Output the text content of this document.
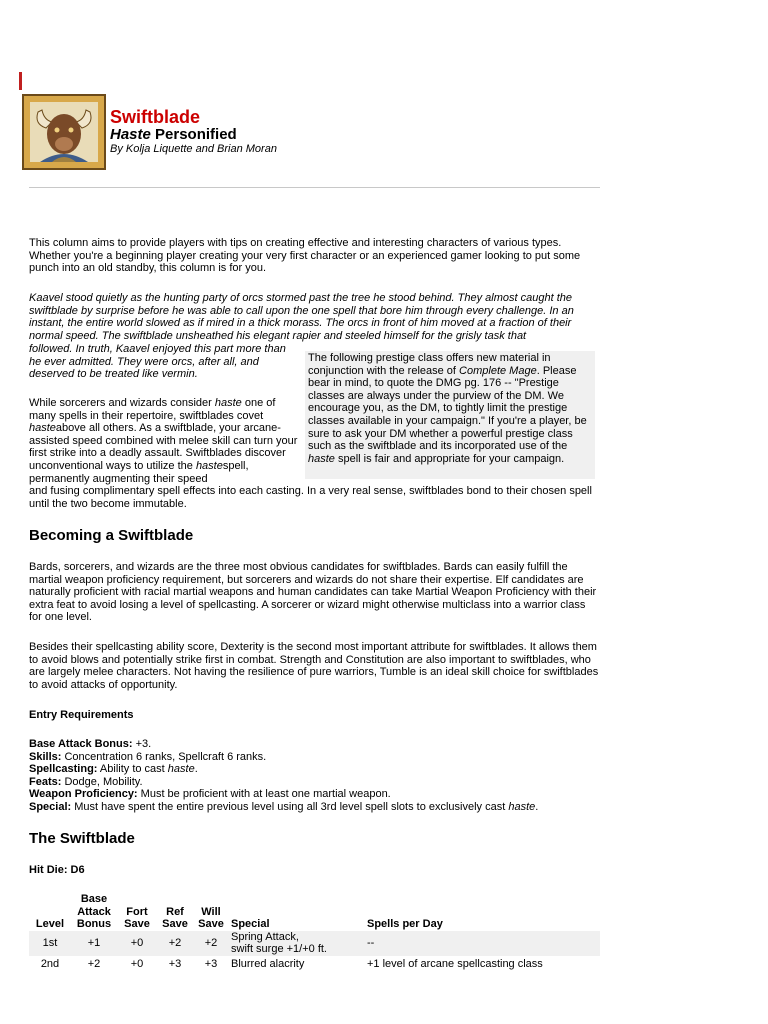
Swiftblade
Haste Personified
By Kolja Liquette and Brian Moran

This column aims to provide players with tips on creating effective and interesting characters of various types. Whether you're a beginning player creating your very first character or an experienced gamer looking to put some punch into an old standby, this column is for you.

Kaavel stood quietly as the hunting party of orcs stormed past the tree he stood behind. They almost caught the swiftblade by surprise before he was able to call upon the one spell that bore him through every challenge. In an instant, the entire world slowed as if mired in a thick morass. The orcs in front of him moved at a fraction of their normal speed. The swiftblade unsheathed his elegant rapier and steeled himself for the grisly task that

followed. In truth, Kaavel enjoyed this part more than he ever admitted. They were orcs, after all, and deserved to be treated like vermin.

The following prestige class offers new material in conjunction with the release of Complete Mage. Please bear in mind, to quote the DMG pg. 176 -- "Prestige classes are always under the purview of the DM. We encourage you, as the DM, to tightly limit the prestige classes available in your campaign." If you're a player, be sure to ask your DM whether a powerful prestige class such as the swiftblade and its incorporated use of the haste spell is fair and appropriate for your campaign.

While sorcerers and wizards consider haste one of many spells in their repertoire, swiftblades covet hasteabove all others. As a swiftblade, your arcane-assisted speed combined with melee skill can turn your first strike into a deadly assault. Swiftblades discover unconventional ways to utilize the hastespell, permanently augmenting their speed

and fusing complimentary spell effects into each casting. In a very real sense, swiftblades bond to their chosen spell until the two become immutable.

Becoming a Swiftblade

Bards, sorcerers, and wizards are the three most obvious candidates for swiftblades. Bards can easily fulfill the martial weapon proficiency requirement, but sorcerers and wizards do not share their expertise. Elf candidates are naturally proficient with racial martial weapons and human candidates can take Martial Weapon Proficiency with their extra feat to avoid losing a level of spellcasting. A sorcerer or wizard might otherwise multiclass into a warrior class for one level.

Besides their spellcasting ability score, Dexterity is the second most important attribute for swiftblades. It allows them to avoid blows and potentially strike first in combat. Strength and Constitution are also important to swiftblades, who are largely melee characters. Not having the resilience of pure warriors, Tumble is an ideal skill choice for swiftblades to avoid attacks of opportunity.

Entry Requirements
Base Attack Bonus: +3.
Skills: Concentration 6 ranks, Spellcraft 6 ranks.
Spellcasting: Ability to cast haste.
Feats: Dodge, Mobility.
Weapon Proficiency: Must be proficient with at least one martial weapon.
Special: Must have spent the entire previous level using all 3rd level spell slots to exclusively cast haste.
The Swiftblade
Hit Die: D6
Level	Base
Attack
Bonus	Fort
Save	Ref
Save	Will
Save	Special	Spells per Day
1st	+1	+0	+2	+2	Spring Attack,
swift surge +1/+0 ft.	--
2nd	+2	+0	+3	+3	Blurred alacrity	+1 level of arcane spellcasting class
